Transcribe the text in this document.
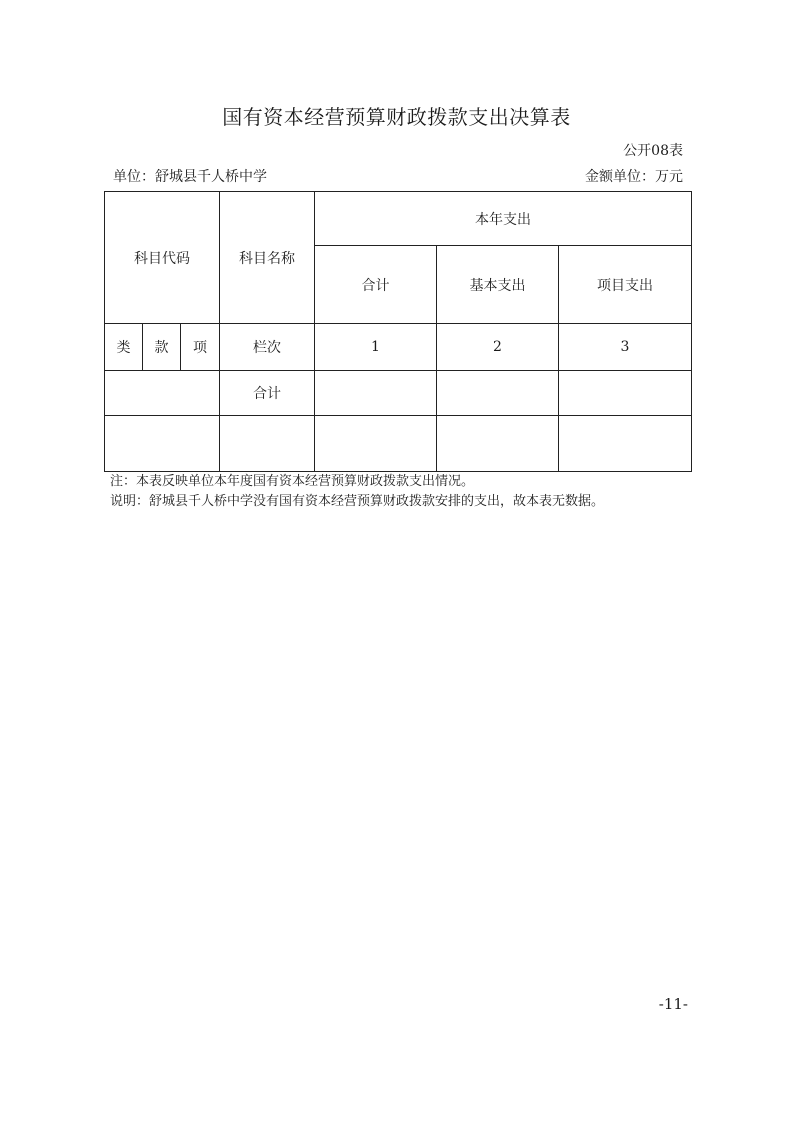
国有资本经营预算财政拨款支出决算表
公开08表
单位：舒城县千人桥中学	金额单位：万元
科目代码			科目名称	本年支出		
				合计	基本支出	项目支出
类	款	项	栏次	1	2	3
			合计			

注：本表反映单位本年度国有资本经营预算财政拨款支出情况。
说明：舒城县千人桥中学没有国有资本经营预算财政拨款安排的支出，故本表无数据。
-11-
